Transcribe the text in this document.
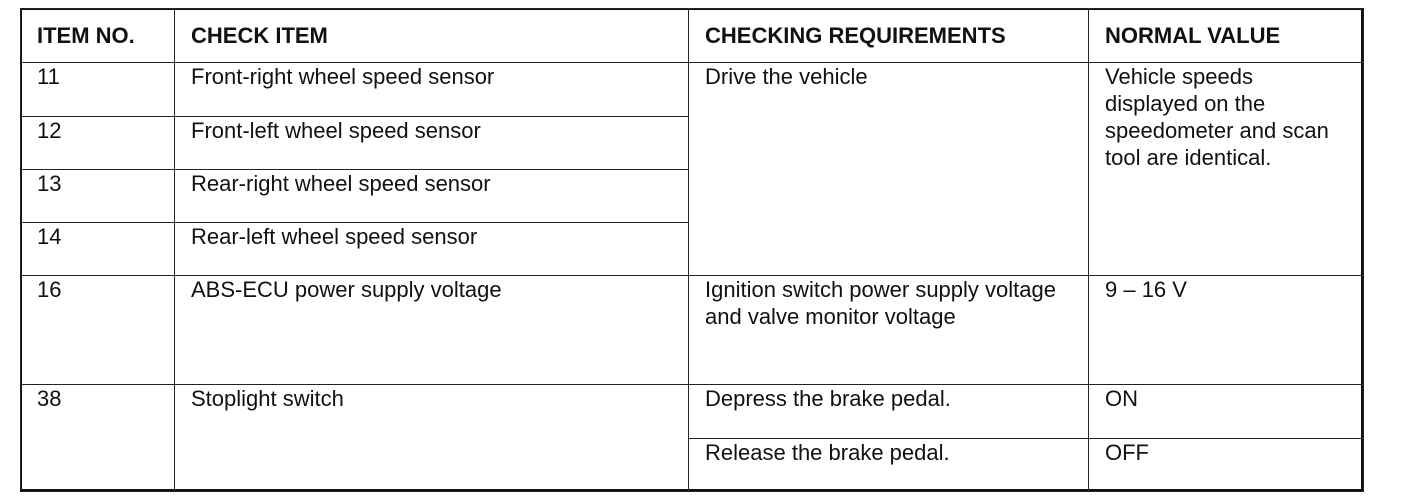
ITEM NO.	CHECK ITEM	CHECKING REQUIREMENTS	NORMAL VALUE
11	Front-right wheel speed sensor	Drive the vehicle	Vehicle speeds displayed on the speedometer and scan tool are identical.
12	Front-left wheel speed sensor		
13	Rear-right wheel speed sensor		
14	Rear-left wheel speed sensor		
16	ABS-ECU power supply voltage	Ignition switch power supply voltage and valve monitor voltage	9 – 16 V
38	Stoplight switch	Depress the brake pedal.	ON
		Release the brake pedal.	OFF
